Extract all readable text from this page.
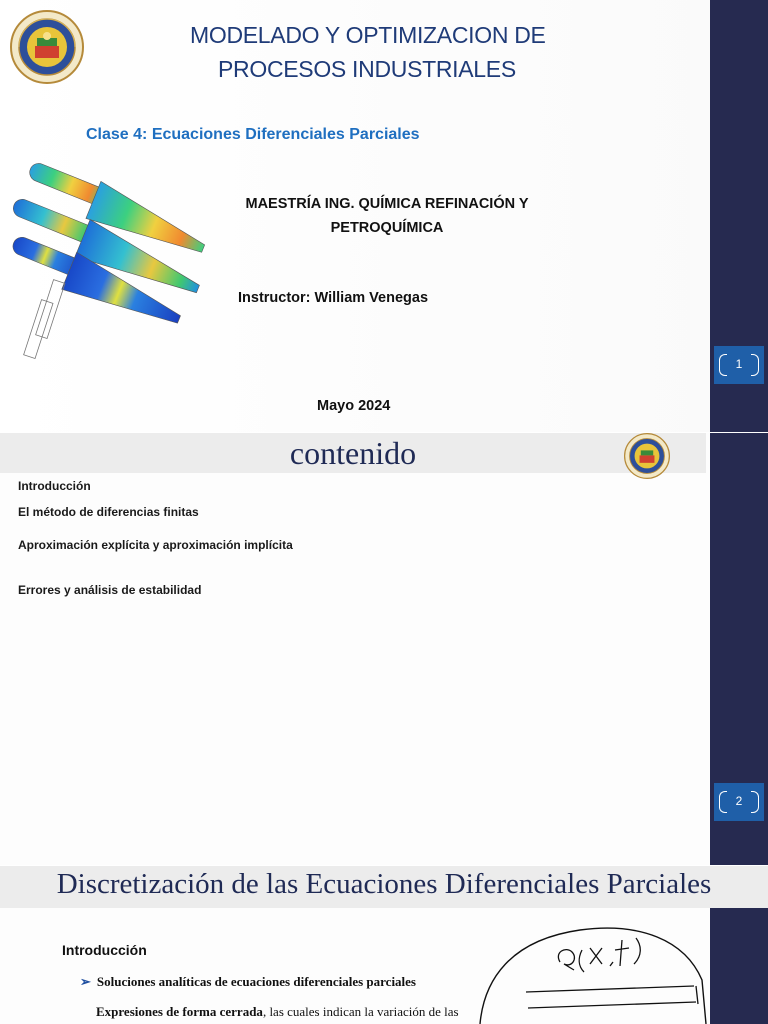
MODELADO Y OPTIMIZACION DE
PROCESOS INDUSTRIALES
Clase 4: Ecuaciones Diferenciales Parciales
MAESTRÍA ING. QUÍMICA REFINACIÓN Y PETROQUÍMICA
Instructor: William Venegas
Mayo 2024
1
contenido
Introducción
El método de diferencias finitas
Aproximación explícita y aproximación implícita
Errores y análisis de estabilidad
2
Discretización de las Ecuaciones Diferenciales Parciales
Introducción
➢ Soluciones analíticas de ecuaciones diferenciales parciales
Expresiones de forma cerrada, las cuales indican la variación de las
